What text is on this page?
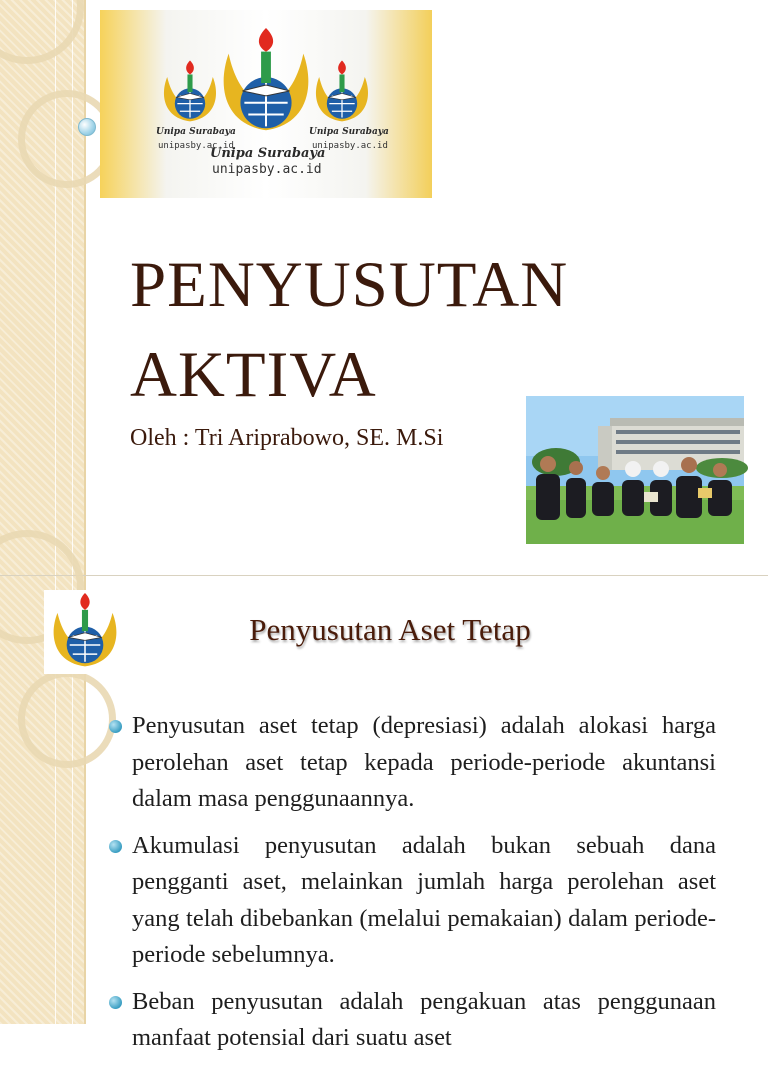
Unipa Surabaya
unipasby.ac.id
Unipa Surabaya
unipasby.ac.id
Unipa Surabaya
unipasby.ac.id
PENYUSUTAN
AKTIVA
Oleh : Tri Ariprabowo, SE. M.Si
Penyusutan Aset Tetap
Penyusutan aset tetap (depresiasi) adalah alokasi harga perolehan aset tetap kepada periode-periode akuntansi dalam masa penggunaannya.
Akumulasi penyusutan adalah bukan sebuah dana pengganti aset, melainkan jumlah harga perolehan aset yang telah dibebankan (melalui pemakaian) dalam periode-periode sebelumnya.
Beban penyusutan adalah pengakuan atas penggunaan manfaat potensial dari suatu aset
